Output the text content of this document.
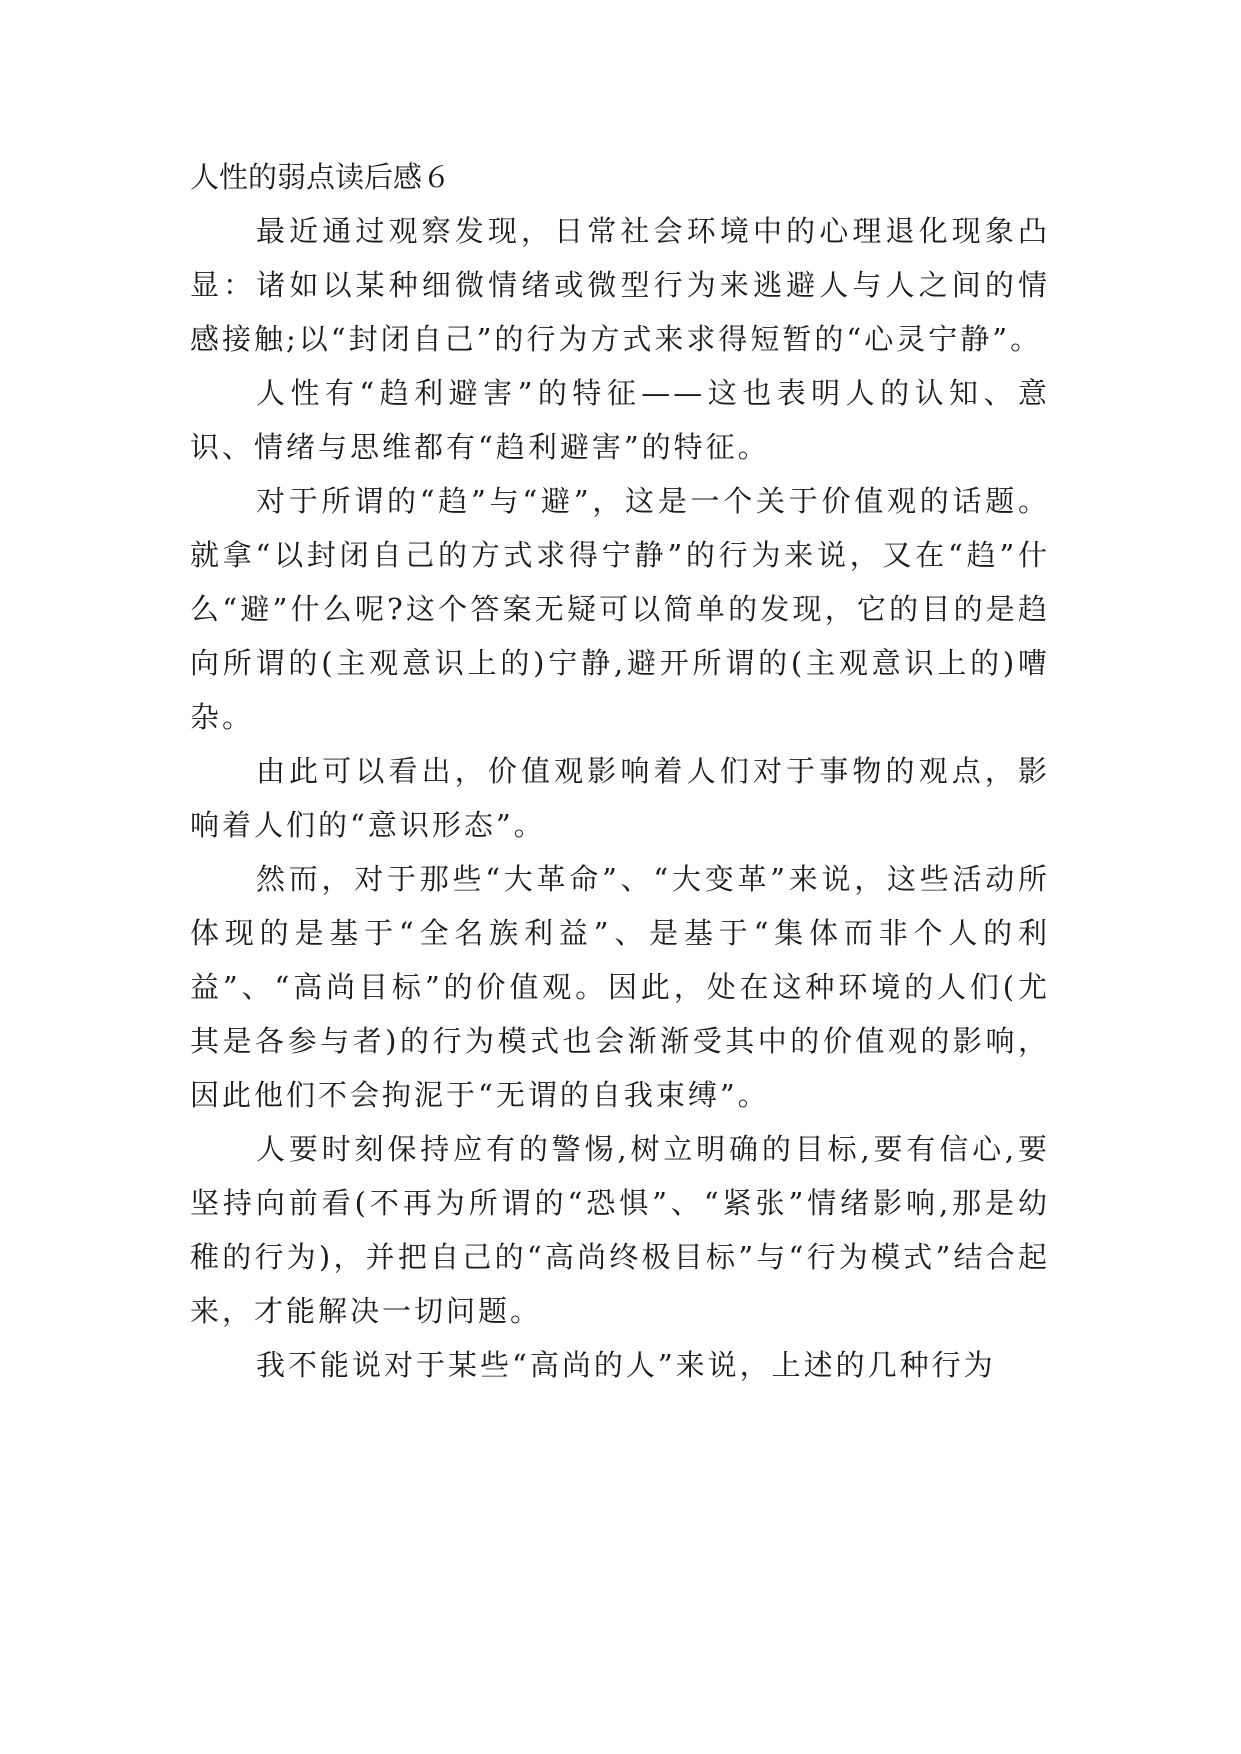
人性的弱点读后感６

最近通过观察发现，日常社会环境中的心理退化现象凸显：诸如以某种细微情绪或微型行为来逃避人与人之间的情感接触;以“封闭自己”的行为方式来求得短暂的“心灵宁静”。

人性有“趋利避害”的特征——这也表明人的认知、意识、情绪与思维都有“趋利避害”的特征。

对于所谓的“趋”与“避”，这是一个关于价值观的话题。就拿“以封闭自己的方式求得宁静”的行为来说，又在“趋”什么“避”什么呢?这个答案无疑可以简单的发现，它的目的是趋向所谓的(主观意识上的)宁静,避开所谓的(主观意识上的)嘈杂。

由此可以看出，价值观影响着人们对于事物的观点，影响着人们的“意识形态”。

然而，对于那些“大革命”、“大变革”来说，这些活动所体现的是基于“全名族利益”、是基于“集体而非个人的利益”、“高尚目标”的价值观。因此，处在这种环境的人们(尤其是各参与者)的行为模式也会渐渐受其中的价值观的影响，因此他们不会拘泥于“无谓的自我束缚”。

人要时刻保持应有的警惕,树立明确的目标,要有信心,要坚持向前看(不再为所谓的“恐惧”、“紧张”情绪影响,那是幼稚的行为)，并把自己的“高尚终极目标”与“行为模式”结合起来，才能解决一切问题。

我不能说对于某些“高尚的人”来说，上述的几种行为
